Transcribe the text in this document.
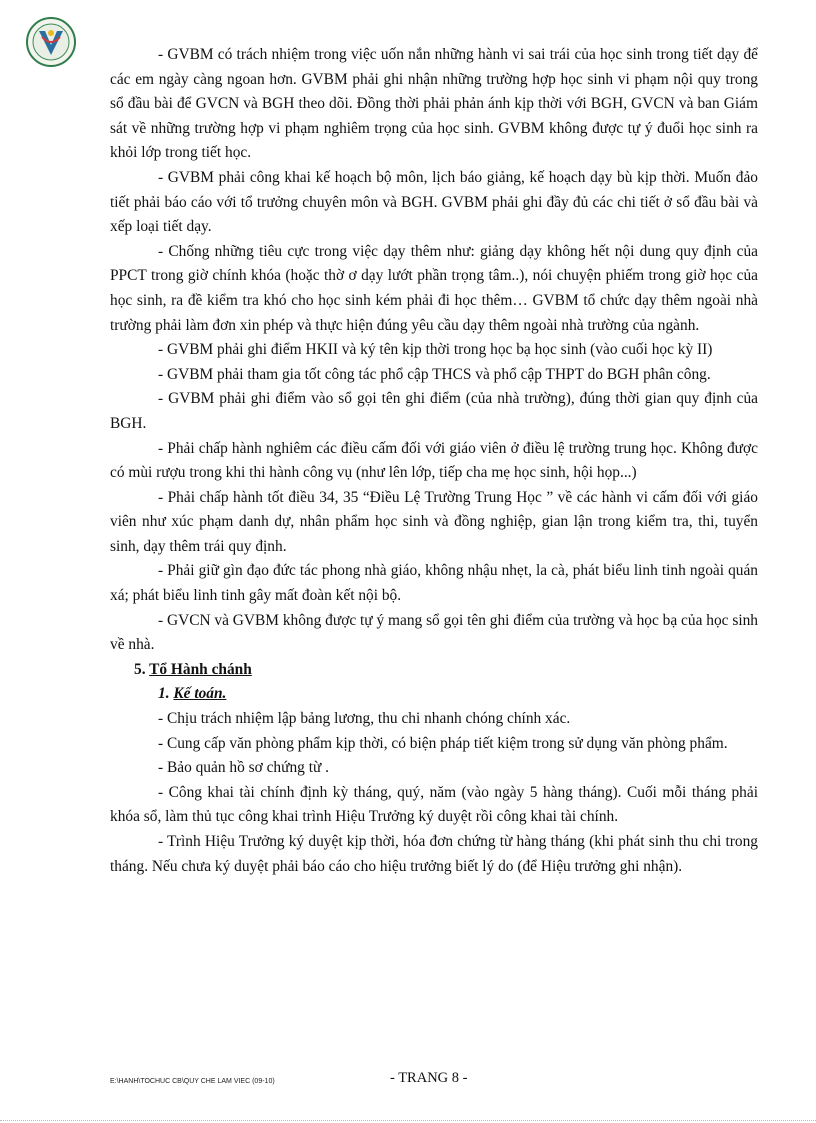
- GVBM có trách nhiệm trong việc uốn nắn những hành vi sai trái của học sinh trong tiết dạy để các em ngày càng ngoan hơn. GVBM phải ghi nhận những trường hợp học sinh vi phạm nội quy trong sổ đầu bài để GVCN và BGH theo dõi. Đồng thời phải phản ánh kịp thời với BGH, GVCN và ban Giám sát về những trường hợp vi phạm nghiêm trọng của học sinh. GVBM không được tự ý đuổi học sinh ra khỏi lớp trong tiết học.

- GVBM phải công khai kế hoạch bộ môn, lịch báo giảng, kế hoạch dạy bù kịp thời. Muốn đảo tiết phải báo cáo với tổ trưởng chuyên môn và BGH. GVBM phải ghi đầy đủ các chi tiết ở sổ đầu bài và xếp loại tiết dạy.

- Chống những tiêu cực trong việc dạy thêm như: giảng dạy không hết nội dung quy định của PPCT trong giờ chính khóa (hoặc thờ ơ dạy lướt phần trọng tâm..), nói chuyện phiếm trong giờ học của học sinh, ra đề kiểm tra khó cho học sinh kém phải đi học thêm… GVBM tổ chức dạy thêm ngoài nhà trường phải làm đơn xin phép và thực hiện đúng yêu cầu dạy thêm ngoài nhà trường của ngành.

- GVBM phải ghi điểm HKII và ký tên kịp thời trong học bạ học sinh (vào cuối học kỳ II)

- GVBM phải tham gia tốt công tác phổ cập THCS và phổ cập THPT do BGH phân công.

- GVBM phải ghi điểm vào sổ gọi tên ghi điểm (của nhà trường), đúng thời gian quy định của BGH.

- Phải chấp hành nghiêm các điều cấm đối với giáo viên ở điều lệ trường trung học. Không được có mùi rượu trong khi thi hành công vụ (như lên lớp, tiếp cha mẹ học sinh, hội họp...)

- Phải chấp hành tốt điều 34, 35 “Điều Lệ Trường Trung Học ” về các hành vi cấm đối với giáo viên như xúc phạm danh dự, nhân phẩm học sinh và đồng nghiệp, gian lận trong kiểm tra, thi, tuyển sinh, dạy thêm trái quy định.

- Phải giữ gìn đạo đức tác phong nhà giáo, không nhậu nhẹt, la cà, phát biểu linh tinh ngoài quán xá; phát biểu linh tinh gây mất đoàn kết nội bộ.

- GVCN và GVBM không được tự ý mang sổ gọi tên ghi điểm của trường và học bạ của học sinh về nhà.

5. Tổ Hành chánh

1. Kế toán.

- Chịu trách nhiệm lập bảng lương, thu chi nhanh chóng chính xác.

- Cung cấp văn phòng phẩm kịp thời, có biện pháp tiết kiệm trong sử dụng văn phòng phẩm.

- Bảo quản hồ sơ chứng từ .

- Công khai tài chính định kỳ tháng, quý, năm (vào ngày 5 hàng tháng). Cuối mỗi tháng phải khóa sổ, làm thủ tục công khai trình Hiệu Trưởng ký duyệt rồi công khai tài chính.

- Trình Hiệu Trưởng ký duyệt kịp thời, hóa đơn chứng từ hàng tháng (khi phát sinh thu chi trong tháng. Nếu chưa ký duyệt phải báo cáo cho hiệu trưởng biết lý do (để Hiệu trưởng ghi nhận).

E:\HANH\TOCHUC CB\QUY CHE LAM VIEC (09-10)	- TRANG 8 -
